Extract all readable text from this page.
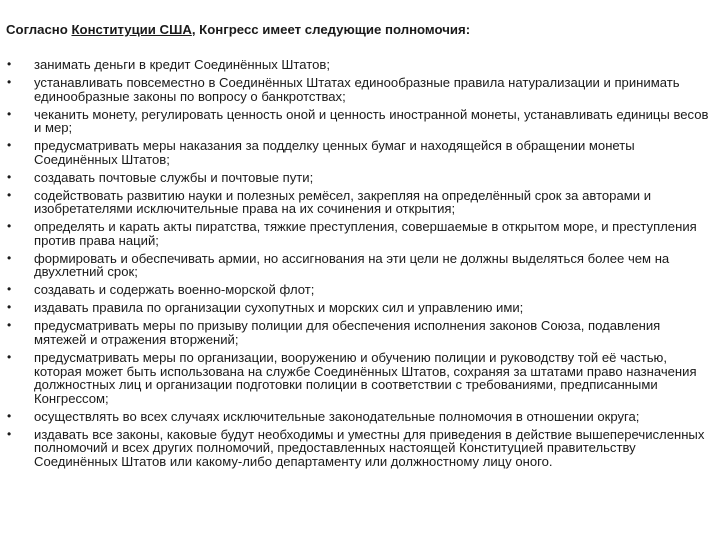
Согласно Конституции США, Конгресс имеет следующие полномочия:

• занимать деньги в кредит Соединённых Штатов;
• устанавливать повсеместно в Соединённых Штатах единообразные правила натурализации и принимать единообразные законы по вопросу о банкротствах;
• чеканить монету, регулировать ценность оной и ценность иностранной монеты, устанавливать единицы весов и мер;
• предусматривать меры наказания за подделку ценных бумаг и находящейся в обращении монеты Соединённых Штатов;
• создавать почтовые службы и почтовые пути;
• содействовать развитию науки и полезных ремёсел, закрепляя на определённый срок за авторами и изобретателями исключительные права на их сочинения и открытия;
• определять и карать акты пиратства, тяжкие преступления, совершаемые в открытом море, и преступления против права наций;
• формировать и обеспечивать армии, но ассигнования на эти цели не должны выделяться более чем на двухлетний срок;
• создавать и содержать военно-морской флот;
• издавать правила по организации сухопутных и морских сил и управлению ими;
• предусматривать меры по призыву полиции для обеспечения исполнения законов Союза, подавления мятежей и отражения вторжений;
• предусматривать меры по организации, вооружению и обучению полиции и руководству той её частью, которая может быть использована на службе Соединённых Штатов, сохраняя за штатами право назначения должностных лиц и организации подготовки полиции в соответствии с требованиями, предписанными Конгрессом;
• осуществлять во всех случаях исключительные законодательные полномочия в отношении округа;
• издавать все законы, каковые будут необходимы и уместны для приведения в действие вышеперечисленных полномочий и всех других полномочий, предоставленных настоящей Конституцией правительству Соединённых Штатов или какому-либо департаменту или должностному лицу оного.
